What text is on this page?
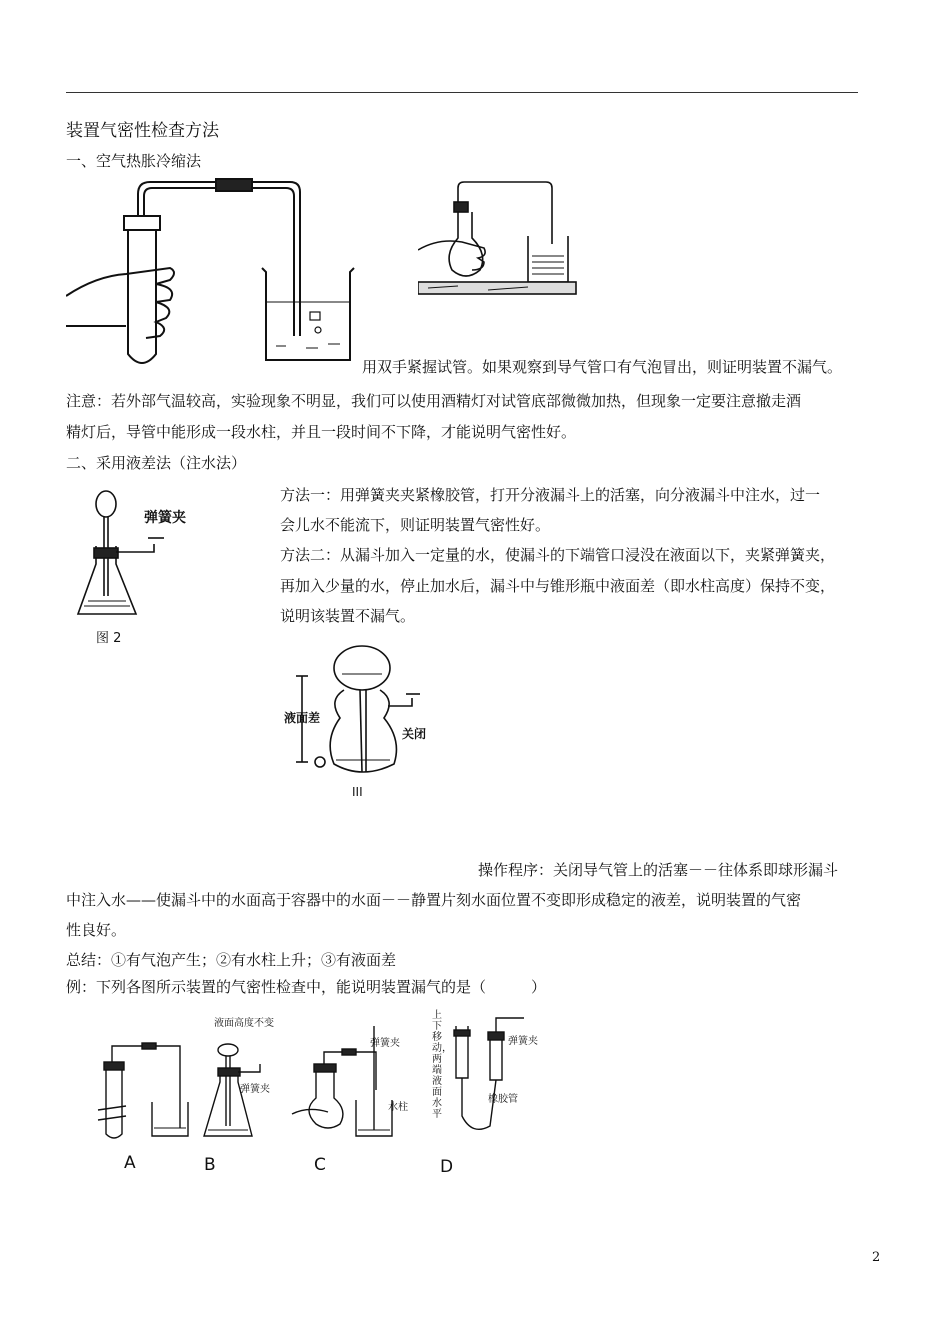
装置气密性检查方法
一、空气热胀冷缩法
用双手紧握试管。如果观察到导气管口有气泡冒出，则证明装置不漏气。
注意：若外部气温较高，实验现象不明显，我们可以使用酒精灯对试管底部微微加热，但现象一定要注意撤走酒
精灯后，导管中能形成一段水柱，并且一段时间不下降，才能说明气密性好。
二、采用液差法（注水法）
弹簧夹
图 2
方法一：用弹簧夹夹紧橡胶管，打开分液漏斗上的活塞，向分液漏斗中注水，过一
会儿水不能流下，则证明装置气密性好。
方法二：从漏斗加入一定量的水，使漏斗的下端管口浸没在液面以下，夹紧弹簧夹，
再加入少量的水，停止加水后，漏斗中与锥形瓶中液面差（即水柱高度）保持不变，
说明该装置不漏气。
液面差
关闭
III
操作程序：关闭导气管上的活塞－－往体系即球形漏斗
中注入水——使漏斗中的水面高于容器中的水面－－静置片刻水面位置不变即形成稳定的液差，说明装置的气密
性良好。
总结：①有气泡产生；②有水柱上升；③有液面差
例：下列各图所示装置的气密性检查中，能说明装置漏气的是（　　　）
液面高度不变
弹簧夹
弹簧夹
水柱
弹簧夹
橡胶管
A	B	C	D
上下移动，两端液面水平
2
